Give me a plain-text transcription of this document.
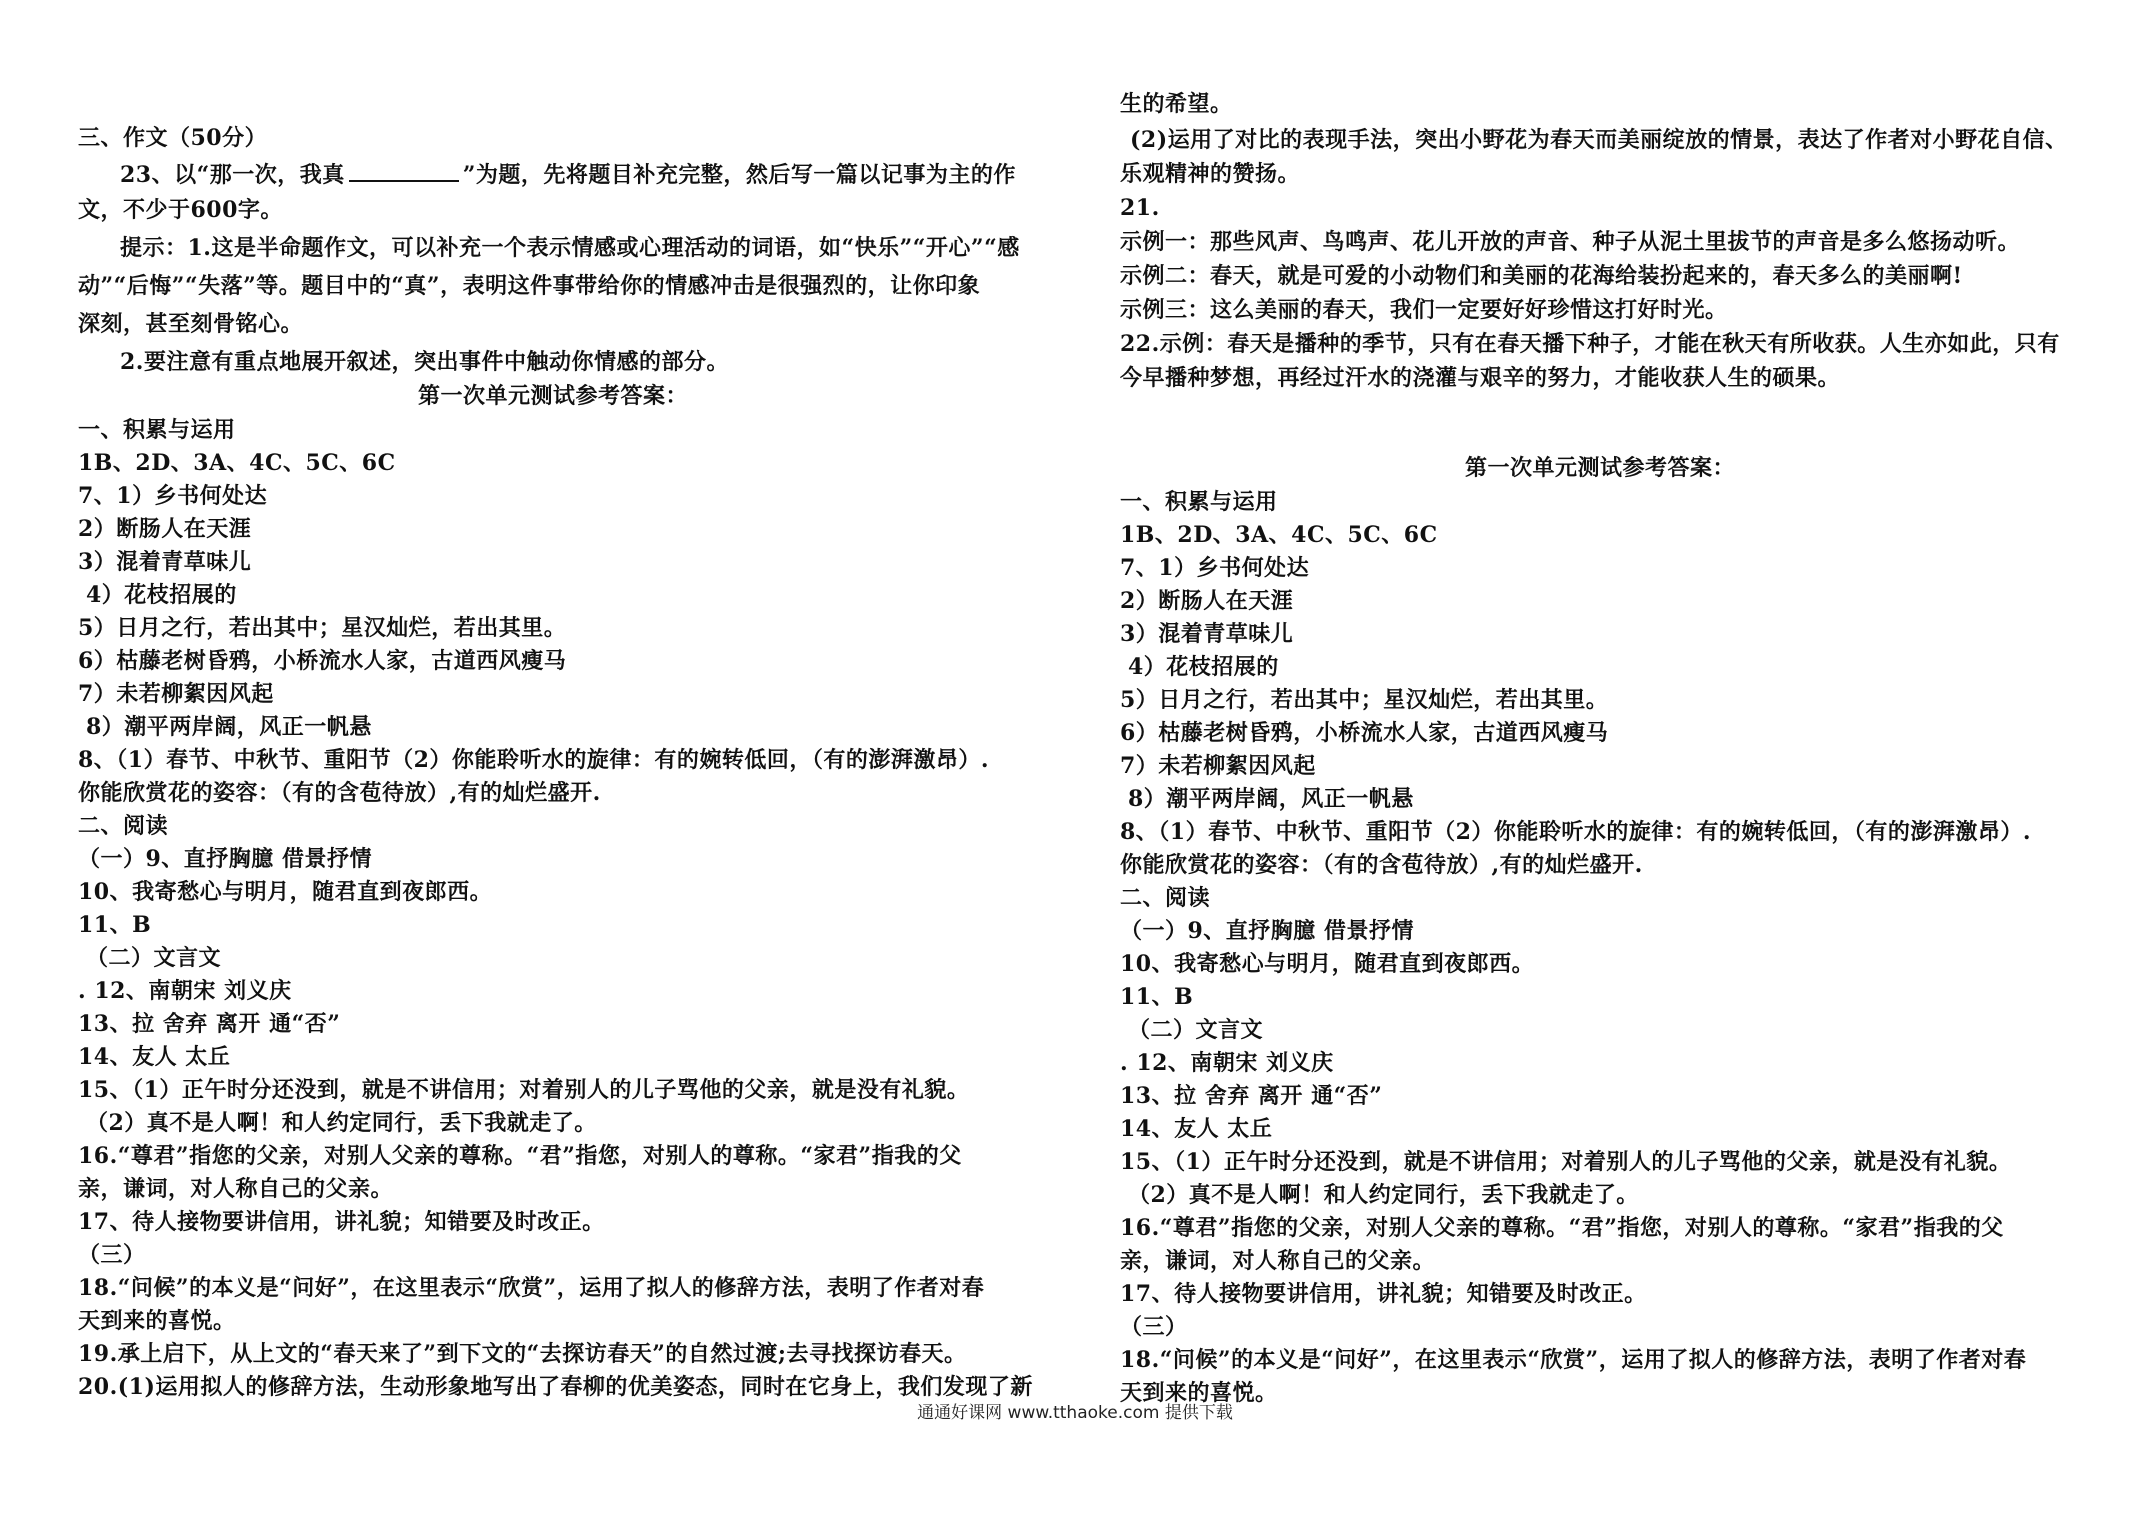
三、作文（50分）
23、以“那一次，我真	”为题，先将题目补充完整，然后写一篇以记事为主的作
文，不少于600字。
提示：1.这是半命题作文，可以补充一个表示情感或心理活动的词语，如“快乐”“开心”“感
动”“后悔”“失落”等。题目中的“真”，表明这件事带给你的情感冲击是很强烈的，让你印象
深刻，甚至刻骨铭心。
2.要注意有重点地展开叙述，突出事件中触动你情感的部分。
第一次单元测试参考答案：
一、积累与运用
1B、2D、3A、4C、5C、6C
7、1）乡书何处达
2）断肠人在天涯
3）混着青草味儿
4）花枝招展的
5）日月之行，若出其中；星汉灿烂，若出其里。
6）枯藤老树昏鸦，小桥流水人家，古道西风瘦马
7）未若柳絮因风起
8）潮平两岸阔，风正一帆悬
8、（1）春节、中秋节、重阳节（2）你能聆听水的旋律：有的婉转低回，（有的澎湃激昂）.
你能欣赏花的姿容：（有的含苞待放）,有的灿烂盛开.
二、阅读
（一）9、直抒胸臆 借景抒情
10、我寄愁心与明月，随君直到夜郎西。
11、B
（二）文言文
. 12、南朝宋 刘义庆
13、拉 舍弃 离开 通“否”
14、友人 太丘
15、（1）正午时分还没到，就是不讲信用；对着别人的儿子骂他的父亲，就是没有礼貌。
（2）真不是人啊！和人约定同行，丢下我就走了。
16.“尊君”指您的父亲，对别人父亲的尊称。“君”指您，对别人的尊称。“家君”指我的父
亲，谦词，对人称自己的父亲。
17、待人接物要讲信用，讲礼貌；知错要及时改正。
（三）
18.“问候”的本义是“问好”，在这里表示“欣赏”，运用了拟人的修辞方法，表明了作者对春
天到来的喜悦。
19.承上启下，从上文的“春天来了”到下文的“去探访春天”的自然过渡;去寻找探访春天。
20.(1)运用拟人的修辞方法，生动形象地写出了春柳的优美姿态，同时在它身上，我们发现了新
生的希望。
(2)运用了对比的表现手法，突出小野花为春天而美丽绽放的情景，表达了作者对小野花自信、
乐观精神的赞扬。
21.
示例一：那些风声、鸟鸣声、花儿开放的声音、种子从泥土里拔节的声音是多么悠扬动听。
示例二：春天，就是可爱的小动物们和美丽的花海给装扮起来的，春天多么的美丽啊!
示例三：这么美丽的春天，我们一定要好好珍惜这打好时光。
22.示例：春天是播种的季节，只有在春天播下种子，才能在秋天有所收获。人生亦如此，只有
今早播种梦想，再经过汗水的浇灌与艰辛的努力，才能收获人生的硕果。
第一次单元测试参考答案：
一、积累与运用
1B、2D、3A、4C、5C、6C
7、1）乡书何处达
2）断肠人在天涯
3）混着青草味儿
4）花枝招展的
5）日月之行，若出其中；星汉灿烂，若出其里。
6）枯藤老树昏鸦，小桥流水人家，古道西风瘦马
7）未若柳絮因风起
8）潮平两岸阔，风正一帆悬
8、（1）春节、中秋节、重阳节（2）你能聆听水的旋律：有的婉转低回，（有的澎湃激昂）.
你能欣赏花的姿容：（有的含苞待放）,有的灿烂盛开.
二、阅读
（一）9、直抒胸臆 借景抒情
10、我寄愁心与明月，随君直到夜郎西。
11、B
（二）文言文
. 12、南朝宋 刘义庆
13、拉 舍弃 离开 通“否”
14、友人 太丘
15、（1）正午时分还没到，就是不讲信用；对着别人的儿子骂他的父亲，就是没有礼貌。
（2）真不是人啊！和人约定同行，丢下我就走了。
16.“尊君”指您的父亲，对别人父亲的尊称。“君”指您，对别人的尊称。“家君”指我的父
亲，谦词，对人称自己的父亲。
17、待人接物要讲信用，讲礼貌；知错要及时改正。
（三）
18.“问候”的本义是“问好”，在这里表示“欣赏”，运用了拟人的修辞方法，表明了作者对春
天到来的喜悦。
通通好课网 www.tthaoke.com 提供下载
